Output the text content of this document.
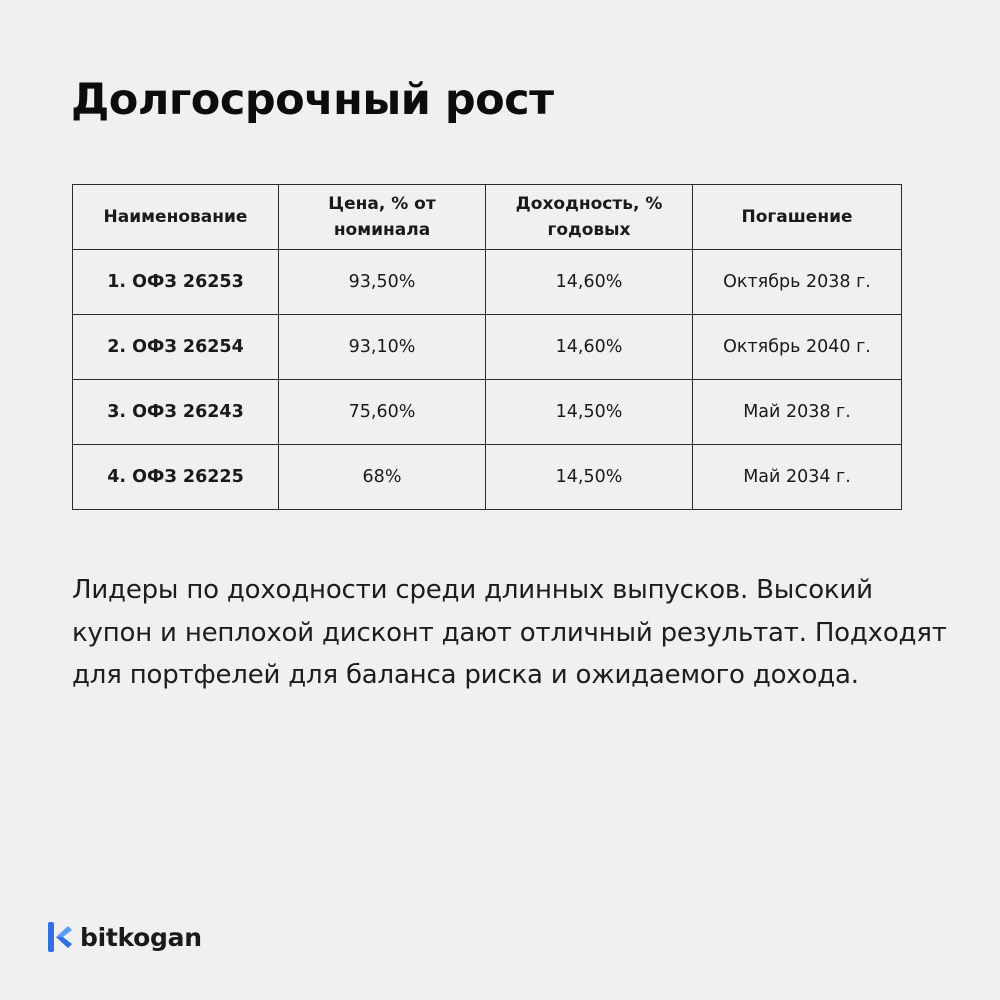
Долгосрочный рост
Наименование	Цена, % от номинала	Доходность, % годовых	Погашение
1. ОФЗ 26253	93,50%	14,60%	Октябрь 2038 г.
2. ОФЗ 26254	93,10%	14,60%	Октябрь 2040 г.
3. ОФЗ 26243	75,60%	14,50%	Май 2038 г.
4. ОФЗ 26225	68%	14,50%	Май 2034 г.

Лидеры по доходности среди длинных выпусков. Высокий купон и неплохой дисконт дают отличный результат. Подходят для портфелей для баланса риска и ожидаемого дохода.

bitkogan
